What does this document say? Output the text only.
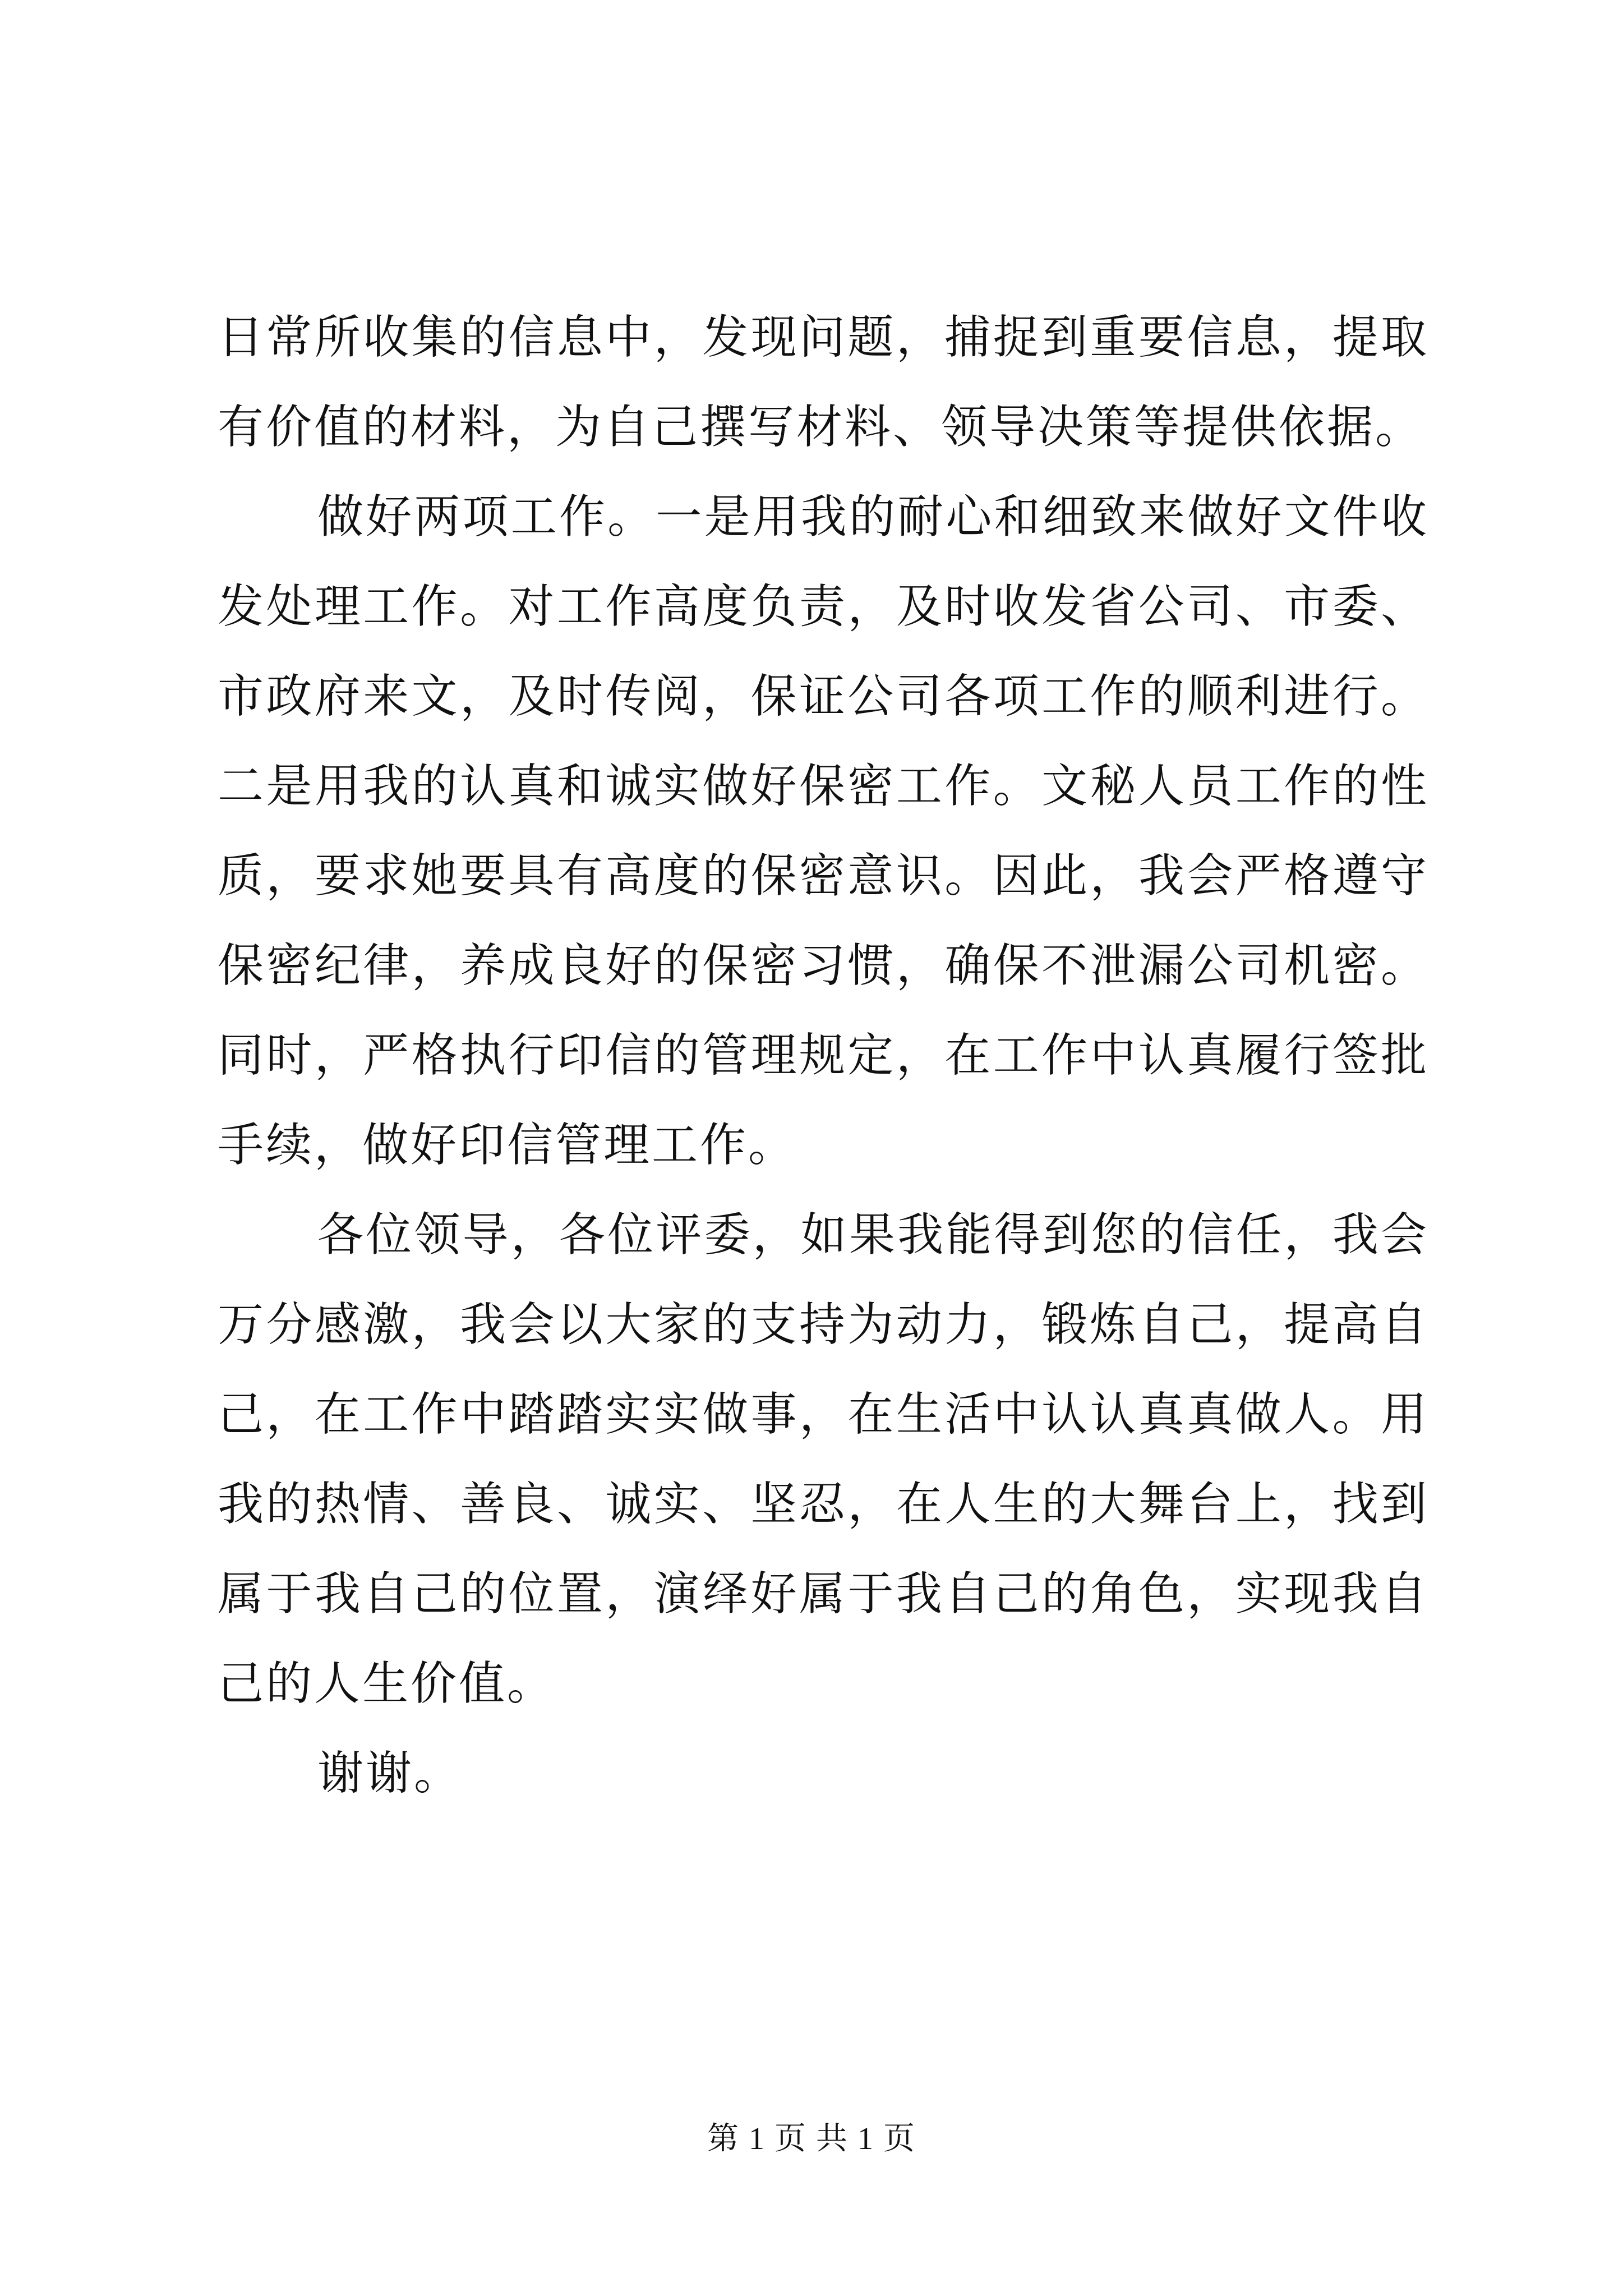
日常所收集的信息中，发现问题，捕捉到重要信息，提取有价值的材料，为自己撰写材料、领导决策等提供依据。

做好两项工作。一是用我的耐心和细致来做好文件收发处理工作。对工作高度负责，及时收发省公司、市委、市政府来文，及时传阅，保证公司各项工作的顺利进行。二是用我的认真和诚实做好保密工作。文秘人员工作的性质，要求她要具有高度的保密意识。因此，我会严格遵守保密纪律，养成良好的保密习惯，确保不泄漏公司机密。同时，严格执行印信的管理规定，在工作中认真履行签批手续，做好印信管理工作。

各位领导，各位评委，如果我能得到您的信任，我会万分感激，我会以大家的支持为动力，锻炼自己，提高自己，在工作中踏踏实实做事，在生活中认认真真做人。用我的热情、善良、诚实、坚忍，在人生的大舞台上，找到属于我自己的位置，演绎好属于我自己的角色，实现我自己的人生价值。

谢谢。

第 1 页 共 1 页
